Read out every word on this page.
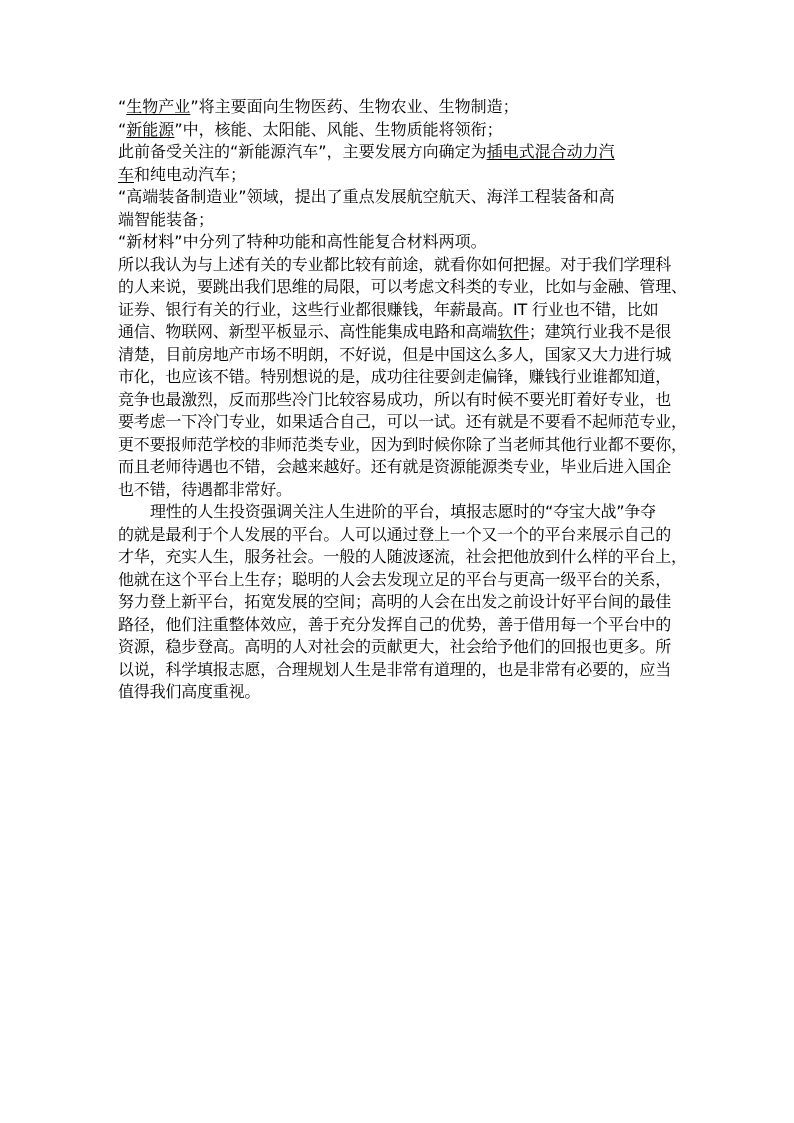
“生物产业”将主要面向生物医药、生物农业、生物制造；
“新能源”中，核能、太阳能、风能、生物质能将领衔；
此前备受关注的“新能源汽车”，主要发展方向确定为插电式混合动力汽
车和纯电动汽车；
“高端装备制造业”领域，提出了重点发展航空航天、海洋工程装备和高
端智能装备；
“新材料”中分列了特种功能和高性能复合材料两项。
所以我认为与上述有关的专业都比较有前途，就看你如何把握。对于我们学理科
的人来说，要跳出我们思维的局限，可以考虑文科类的专业，比如与金融、管理、
证券、银行有关的行业，这些行业都很赚钱，年薪最高。IT 行业也不错，比如
通信、物联网、新型平板显示、高性能集成电路和高端软件；建筑行业我不是很
清楚，目前房地产市场不明朗，不好说，但是中国这么多人，国家又大力进行城
市化，也应该不错。特别想说的是，成功往往要剑走偏锋，赚钱行业谁都知道，
竞争也最激烈，反而那些冷门比较容易成功，所以有时候不要光盯着好专业，也
要考虑一下冷门专业，如果适合自己，可以一试。还有就是不要看不起师范专业，
更不要报师范学校的非师范类专业，因为到时候你除了当老师其他行业都不要你，
而且老师待遇也不错，会越来越好。还有就是资源能源类专业，毕业后进入国企
也不错，待遇都非常好。
理性的人生投资强调关注人生进阶的平台，填报志愿时的“夺宝大战”争夺
的就是最利于个人发展的平台。人可以通过登上一个又一个的平台来展示自己的
才华，充实人生，服务社会。一般的人随波逐流，社会把他放到什么样的平台上，
他就在这个平台上生存；聪明的人会去发现立足的平台与更高一级平台的关系，
努力登上新平台，拓宽发展的空间；高明的人会在出发之前设计好平台间的最佳
路径，他们注重整体效应，善于充分发挥自己的优势，善于借用每一个平台中的
资源，稳步登高。高明的人对社会的贡献更大，社会给予他们的回报也更多。所
以说，科学填报志愿，合理规划人生是非常有道理的，也是非常有必要的，应当
值得我们高度重视。
